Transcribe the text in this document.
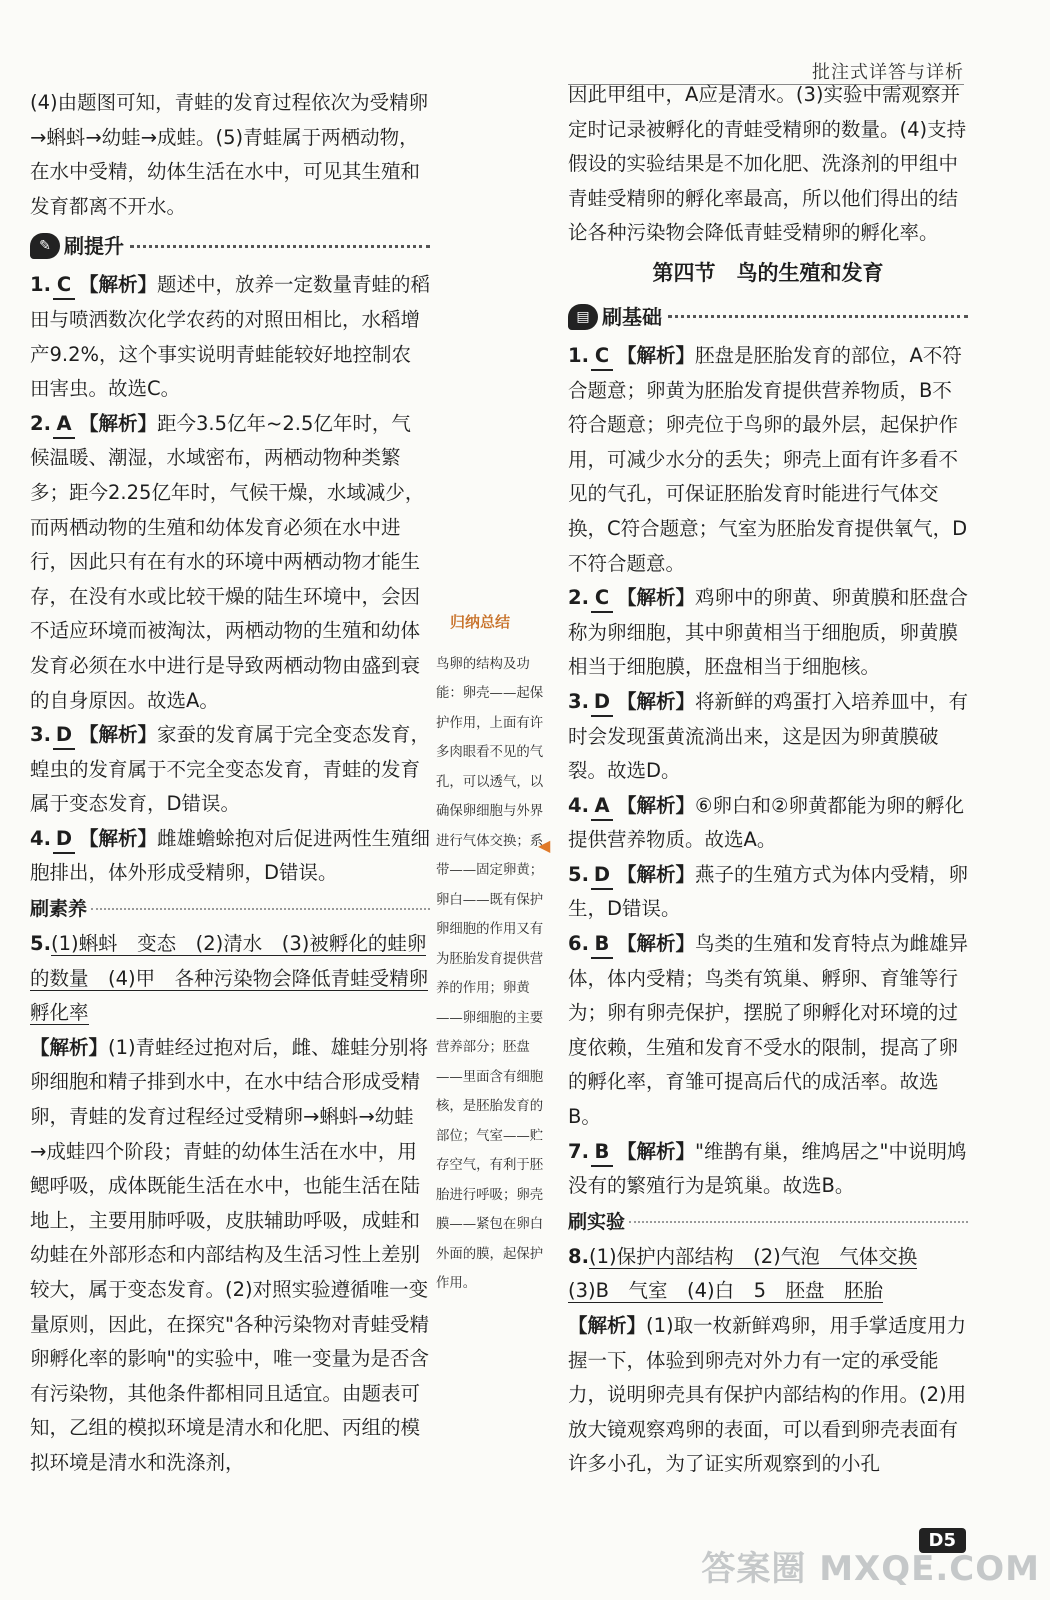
批注式详答与详析

(4)由题图可知，青蛙的发育过程依次为受精卵→蝌蚪→幼蛙→成蛙。(5)青蛙属于两栖动物，在水中受精，幼体生活在水中，可见其生殖和发育都离不开水。

✎ 刷提升

1. C 【解析】题述中，放养一定数量青蛙的稻田与喷洒数次化学农药的对照田相比，水稻增产9.2%，这个事实说明青蛙能较好地控制农田害虫。故选C。

2. A 【解析】距今3.5亿年~2.5亿年时，气候温暖、潮湿，水域密布，两栖动物种类繁多；距今2.25亿年时，气候干燥，水域减少，而两栖动物的生殖和幼体发育必须在水中进行，因此只有在有水的环境中两栖动物才能生存，在没有水或比较干燥的陆生环境中，会因不适应环境而被淘汰，两栖动物的生殖和幼体发育必须在水中进行是导致两栖动物由盛到衰的自身原因。故选A。

3. D 【解析】家蚕的发育属于完全变态发育，蝗虫的发育属于不完全变态发育，青蛙的发育属于变态发育，D错误。

4. D 【解析】雌雄蟾蜍抱对后促进两性生殖细胞排出，体外形成受精卵，D错误。

刷素养

5.(1)蝌蚪　变态　(2)清水　(3)被孵化的蛙卵的数量　(4)甲　各种污染物会降低青蛙受精卵孵化率

【解析】(1)青蛙经过抱对后，雌、雄蛙分别将卵细胞和精子排到水中，在水中结合形成受精卵，青蛙的发育过程经过受精卵→蝌蚪→幼蛙→成蛙四个阶段；青蛙的幼体生活在水中，用鳃呼吸，成体既能生活在水中，也能生活在陆地上，主要用肺呼吸，皮肤辅助呼吸，成蛙和幼蛙在外部形态和内部结构及生活习性上差别较大，属于变态发育。(2)对照实验遵循唯一变量原则，因此，在探究"各种污染物对青蛙受精卵孵化率的影响"的实验中，唯一变量为是否含有污染物，其他条件都相同且适宜。由题表可知，乙组的模拟环境是清水和化肥、丙组的模拟环境是清水和洗涤剂，

归纳总结
鸟卵的结构及功能：卵壳——起保护作用，上面有许多肉眼看不见的气孔，可以透气，以确保卵细胞与外界进行气体交换；系带——固定卵黄；卵白——既有保护卵细胞的作用又有为胚胎发育提供营养的作用；卵黄——卵细胞的主要营养部分；胚盘——里面含有细胞核，是胚胎发育的部位；气室——贮存空气，有利于胚胎进行呼吸；卵壳膜——紧包在卵白外面的膜，起保护作用。
◀

因此甲组中，A应是清水。(3)实验中需观察并定时记录被孵化的青蛙受精卵的数量。(4)支持假设的实验结果是不加化肥、洗涤剂的甲组中青蛙受精卵的孵化率最高，所以他们得出的结论各种污染物会降低青蛙受精卵的孵化率。

第四节　鸟的生殖和发育

▤ 刷基础

1. C 【解析】胚盘是胚胎发育的部位，A不符合题意；卵黄为胚胎发育提供营养物质，B不符合题意；卵壳位于鸟卵的最外层，起保护作用，可减少水分的丢失；卵壳上面有许多看不见的气孔，可保证胚胎发育时能进行气体交换，C符合题意；气室为胚胎发育提供氧气，D不符合题意。

2. C 【解析】鸡卵中的卵黄、卵黄膜和胚盘合称为卵细胞，其中卵黄相当于细胞质，卵黄膜相当于细胞膜，胚盘相当于细胞核。

3. D 【解析】将新鲜的鸡蛋打入培养皿中，有时会发现蛋黄流淌出来，这是因为卵黄膜破裂。故选D。

4. A 【解析】⑥卵白和②卵黄都能为卵的孵化提供营养物质。故选A。

5. D 【解析】燕子的生殖方式为体内受精，卵生，D错误。

6. B 【解析】鸟类的生殖和发育特点为雌雄异体，体内受精；鸟类有筑巢、孵卵、育雏等行为；卵有卵壳保护，摆脱了卵孵化对环境的过度依赖，生殖和发育不受水的限制，提高了卵的孵化率，育雏可提高后代的成活率。故选B。

7. B 【解析】"维鹊有巢，维鸠居之"中说明鸠没有的繁殖行为是筑巢。故选B。

刷实验

8.(1)保护内部结构　(2)气泡　气体交换

(3)B　气室　(4)白　5　胚盘　胚胎

【解析】(1)取一枚新鲜鸡卵，用手掌适度用力握一下，体验到卵壳对外力有一定的承受能力，说明卵壳具有保护内部结构的作用。(2)用放大镜观察鸡卵的表面，可以看到卵壳表面有许多小孔，为了证实所观察到的小孔

D5
答案圈 MXQE.COM
